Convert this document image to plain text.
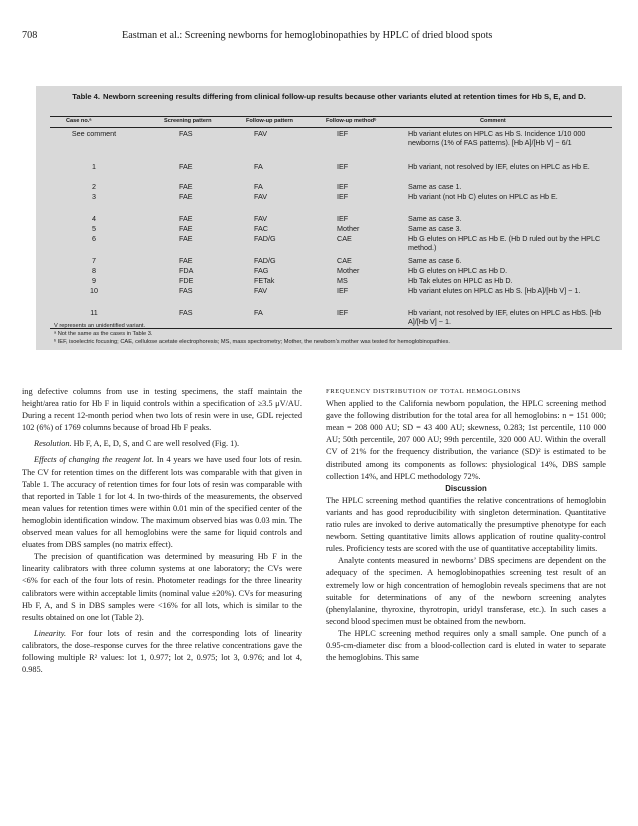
708	Eastman et al.: Screening newborns for hemoglobinopathies by HPLC of dried blood spots
Table 4. Newborn screening results differing from clinical follow-up results because other variants eluted at retention times for Hb S, E, and D.
Case no.ᵃ	Screening pattern	Follow-up pattern	Follow-up methodᵇ	Comment
See comment	FAS	FAV	IEF	Hb variant elutes on HPLC as Hb S. Incidence 1/10 000 newborns (1% of FAS patterns). [Hb A]/[Hb V] ~ 6/1
1	FAE	FA	IEF	Hb variant, not resolved by IEF, elutes on HPLC as Hb E.
2	FAE	FA	IEF	Same as case 1.
3	FAE	FAV	IEF	Hb variant (not Hb C) elutes on HPLC as Hb E.
4	FAE	FAV	IEF	Same as case 3.
5	FAE	FAC	Mother	Same as case 3.
6	FAE	FAD/G	CAE	Hb G elutes on HPLC as Hb E. (Hb D ruled out by the HPLC method.)
7	FAE	FAD/G	CAE	Same as case 6.
8	FDA	FAG	Mother	Hb G elutes on HPLC as Hb D.
9	FDE	FETak	MS	Hb Tak elutes on HPLC as Hb D.
10	FAS	FAV	IEF	Hb variant elutes on HPLC as Hb S. [Hb A]/[Hb V] ~ 1.
11	FAS	FA	IEF	Hb variant, not resolved by IEF, elutes on HPLC as HbS. [Hb A]/[Hb V] ~ 1.
V represents an unidentified variant.
ᵃ Not the same as the cases in Table 3.
ᵇ IEF, isoelectric focusing; CAE, cellulose acetate electrophoresis; MS, mass spectrometry; Mother, the newborn’s mother was tested for hemoglobinopathies.

ing defective columns from use in testing specimens, the staff maintain the height/area ratio for Hb F in liquid controls within a specification of ≥3.5 μV/AU. During a recent 12-month period when two lots of resin were in use, GDL rejected 102 (6%) of 1769 columns because of broad Hb F peaks.

Resolution. Hb F, A, E, D, S, and C are well resolved (Fig. 1).

Effects of changing the reagent lot. In 4 years we have used four lots of resin. The CV for retention times on the different lots was comparable with that given in Table 1. The accuracy of retention times for four lots of resin was comparable with that reported in Table 1 for lot 4. In two-thirds of the measurements, the observed mean values for retention times were within 0.01 min of the specified center of the hemoglobin identification window. The maximum observed bias was 0.03 min. The observed mean values for all hemoglobins were the same for liquid controls and eluates from DBS samples (no matrix effect).

The precision of quantification was determined by measuring Hb F in the linearity calibrators with three column systems at one laboratory; the CVs were <6% for each of the four lots of resin. Photometer readings for the three linearity calibrators were within acceptable limits (nominal value ±20%). CVs for measuring Hb F, A, and S in DBS samples were <16% for all lots, which is similar to the results obtained on one lot (Table 2).

Linearity. For four lots of resin and the corresponding lots of linearity calibrators, the dose–response curves for the three relative concentrations gave the following multiple R² values: lot 1, 0.977; lot 2, 0.975; lot 3, 0.976; and lot 4, 0.985.

FREQUENCY DISTRIBUTION OF TOTAL HEMOGLOBINS

When applied to the California newborn population, the HPLC screening method gave the following distribution for the total area for all hemoglobins: n = 151 000; mean = 208 000 AU; SD = 43 400 AU; skewness, 0.283; 1st percentile, 110 000 AU; 50th percentile, 207 000 AU; 99th percentile, 320 000 AU. Within the overall CV of 21% for the frequency distribution, the variance (SD)² is estimated to be distributed among its components as follows: physiological 14%, DBS sample collection 14%, and HPLC methodology 72%.

Discussion

The HPLC screening method quantifies the relative concentrations of hemoglobin variants and has good reproducibility with singleton determination. Quantitative ratio rules are invoked to derive automatically the presumptive phenotype for each newborn. Setting quantitative limits allows application of routine quality-control rules. Proficiency tests are scored with the use of quantitative acceptability limits.

Analyte contents measured in newborns’ DBS specimens are dependent on the adequacy of the specimen. A hemoglobinopathies screening test result of an extremely low or high concentration of hemoglobin reveals specimens that are not suitable for determinations of any of the newborn screening analytes (phenylalanine, thyroxine, thyrotropin, uridyl transferase, etc.). In such cases a second blood specimen must be obtained from the newborn.

The HPLC screening method requires only a small sample. One punch of a 0.95-cm-diameter disc from a blood-collection card is eluted in water to separate the hemoglobins. This same
